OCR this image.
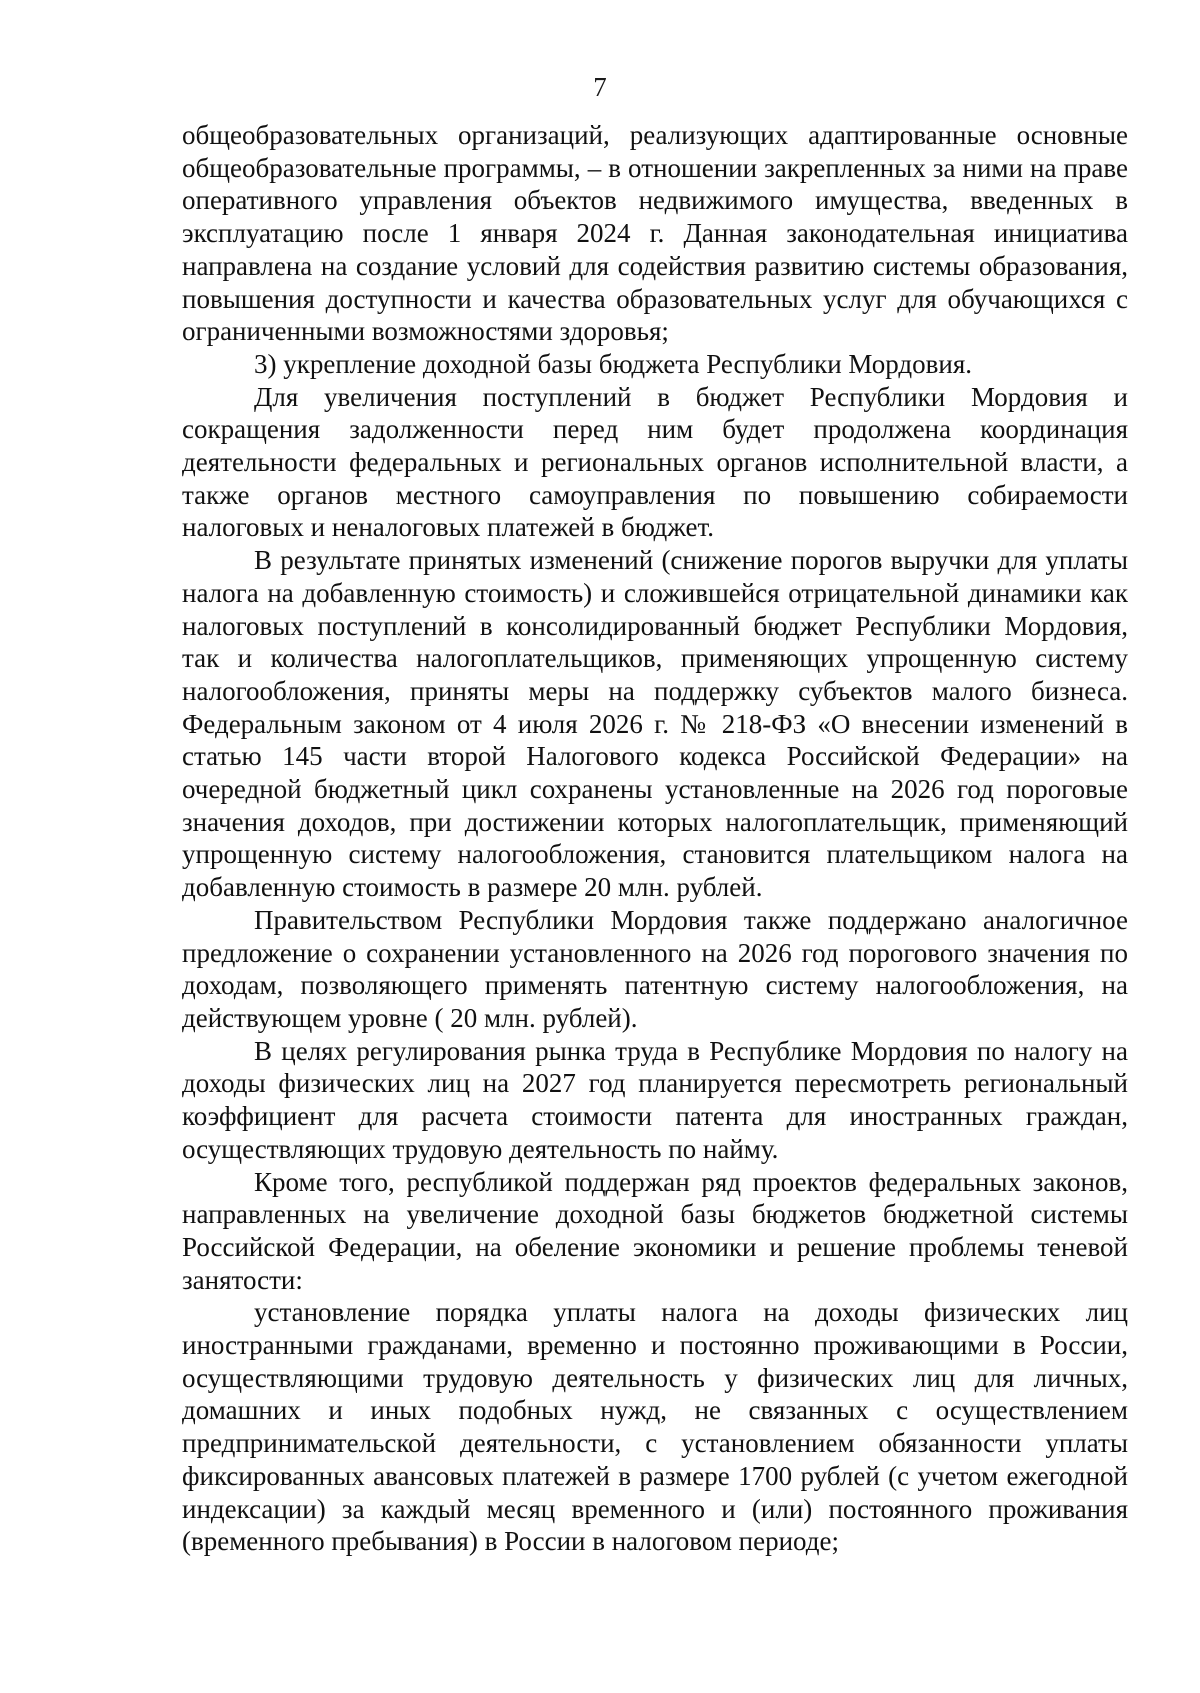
7

общеобразовательных организаций, реализующих адаптированные основные общеобразовательные программы, – в отношении закрепленных за ними на праве оперативного управления объектов недвижимого имущества, введенных в эксплуатацию после 1 января 2024 г. Данная законодательная инициатива направлена на создание условий для содействия развитию системы образования, повышения доступности и качества образовательных услуг для обучающихся с ограниченными возможностями здоровья;

3) укрепление доходной базы бюджета Республики Мордовия.

Для увеличения поступлений в бюджет Республики Мордовия и сокращения задолженности перед ним будет продолжена координация деятельности федеральных и региональных органов исполнительной власти, а также органов местного самоуправления по повышению собираемости налоговых и неналоговых платежей в бюджет.

В результате принятых изменений (снижение порогов выручки для уплаты налога на добавленную стоимость) и сложившейся отрицательной динамики как налоговых поступлений в консолидированный бюджет Республики Мордовия, так и количества налогоплательщиков, применяющих упрощенную систему налогообложения, приняты меры на поддержку субъектов малого бизнеса. Федеральным законом от 4 июля 2026 г. № 218-ФЗ «О внесении изменений в статью 145 части второй Налогового кодекса Российской Федерации» на очередной бюджетный цикл сохранены установленные на 2026 год пороговые значения доходов, при достижении которых налогоплательщик, применяющий упрощенную систему налогообложения, становится плательщиком налога на добавленную стоимость в размере 20 млн. рублей.

Правительством Республики Мордовия также поддержано аналогичное предложение о сохранении установленного на 2026 год порогового значения по доходам, позволяющего применять патентную систему налогообложения, на действующем уровне ( 20 млн. рублей).

В целях регулирования рынка труда в Республике Мордовия по налогу на доходы физических лиц на 2027 год планируется пересмотреть региональный коэффициент для расчета стоимости патента для иностранных граждан, осуществляющих трудовую деятельность по найму.

Кроме того, республикой поддержан ряд проектов федеральных законов, направленных на увеличение доходной базы бюджетов бюджетной системы Российской Федерации, на обеление экономики и решение проблемы теневой занятости:

установление порядка уплаты налога на доходы физических лиц иностранными гражданами, временно и постоянно проживающими в России, осуществляющими трудовую деятельность у физических лиц для личных, домашних и иных подобных нужд, не связанных с осуществлением предпринимательской деятельности, с установлением обязанности уплаты фиксированных авансовых платежей в размере 1700 рублей (с учетом ежегодной индексации) за каждый месяц временного и (или) постоянного проживания (временного пребывания) в России в налоговом периоде;
